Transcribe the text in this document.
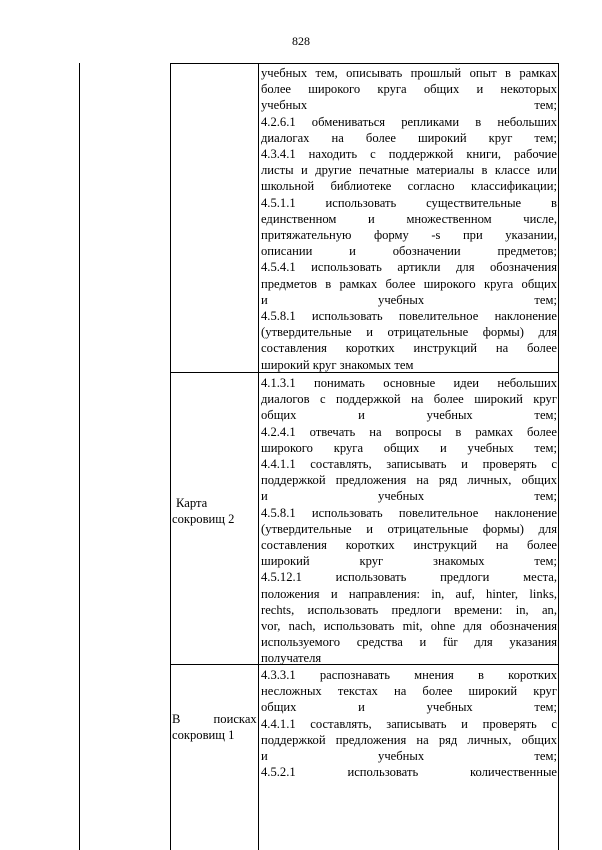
828
учебных тем, описывать прошлый опыт в рамках
более широкого круга общих и некоторых
учебных тем;
4.2.6.1 обмениваться репликами в небольших
диалогах на более широкий круг тем;
4.3.4.1 находить с поддержкой книги, рабочие
листы и другие печатные материалы в классе или
школьной библиотеке согласно классификации;
4.5.1.1 использовать существительные в
единственном и множественном числе,
притяжательную форму -s при указании,
описании и обозначении предметов;
4.5.4.1 использовать артикли для обозначения
предметов в рамках более широкого круга общих
и учебных тем;
4.5.8.1 использовать повелительное наклонение
(утвердительные и отрицательные формы) для
составления коротких инструкций на более
широкий круг знакомых тем
Карта
сокровищ 2
4.1.3.1 понимать основные идеи небольших
диалогов с поддержкой на более широкий круг
общих и учебных тем;
4.2.4.1 отвечать на вопросы в рамках более
широкого круга общих и учебных тем;
4.4.1.1 составлять, записывать и проверять с
поддержкой предложения на ряд личных, общих
и учебных тем;
4.5.8.1 использовать повелительное наклонение
(утвердительные и отрицательные формы) для
составления коротких инструкций на более
широкий круг знакомых тем;
4.5.12.1 использовать предлоги места,
положения и направления: in, auf, hinter, links,
rechts, использовать предлоги времени: in, an,
vor, nach, использовать mit, ohne для обозначения
используемого средства и für для указания
получателя
В поисках
сокровищ 1
4.3.3.1 распознавать мнения в коротких
несложных текстах на более широкий круг
общих и учебных тем;
4.4.1.1 составлять, записывать и проверять с
поддержкой предложения на ряд личных, общих
и учебных тем;
4.5.2.1 использовать количественные
